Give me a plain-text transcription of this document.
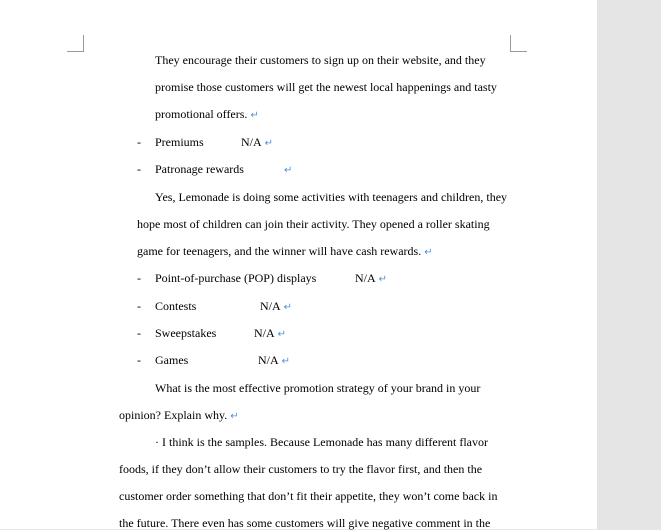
They encourage their customers to sign up on their website, and they
promise those customers will get the newest local happenings and tasty
promotional offers. ↵
- Premiums	N/A ↵
- Patronage rewards	↵
Yes, Lemonade is doing some activities with teenagers and children, they
hope most of children can join their activity. They opened a roller skating
game for teenagers, and the winner will have cash rewards. ↵
- Point-of-purchase (POP) displays	N/A ↵
- Contests	N/A ↵
- Sweepstakes	N/A ↵
- Games	N/A ↵
What is the most effective promotion strategy of your brand in your
opinion? Explain why. ↵
· I think is the samples. Because Lemonade has many different flavor
foods, if they don’t allow their customers to try the flavor first, and then the
customer order something that don’t fit their appetite, they won’t come back in
the future. There even has some customers will give negative comment in the
